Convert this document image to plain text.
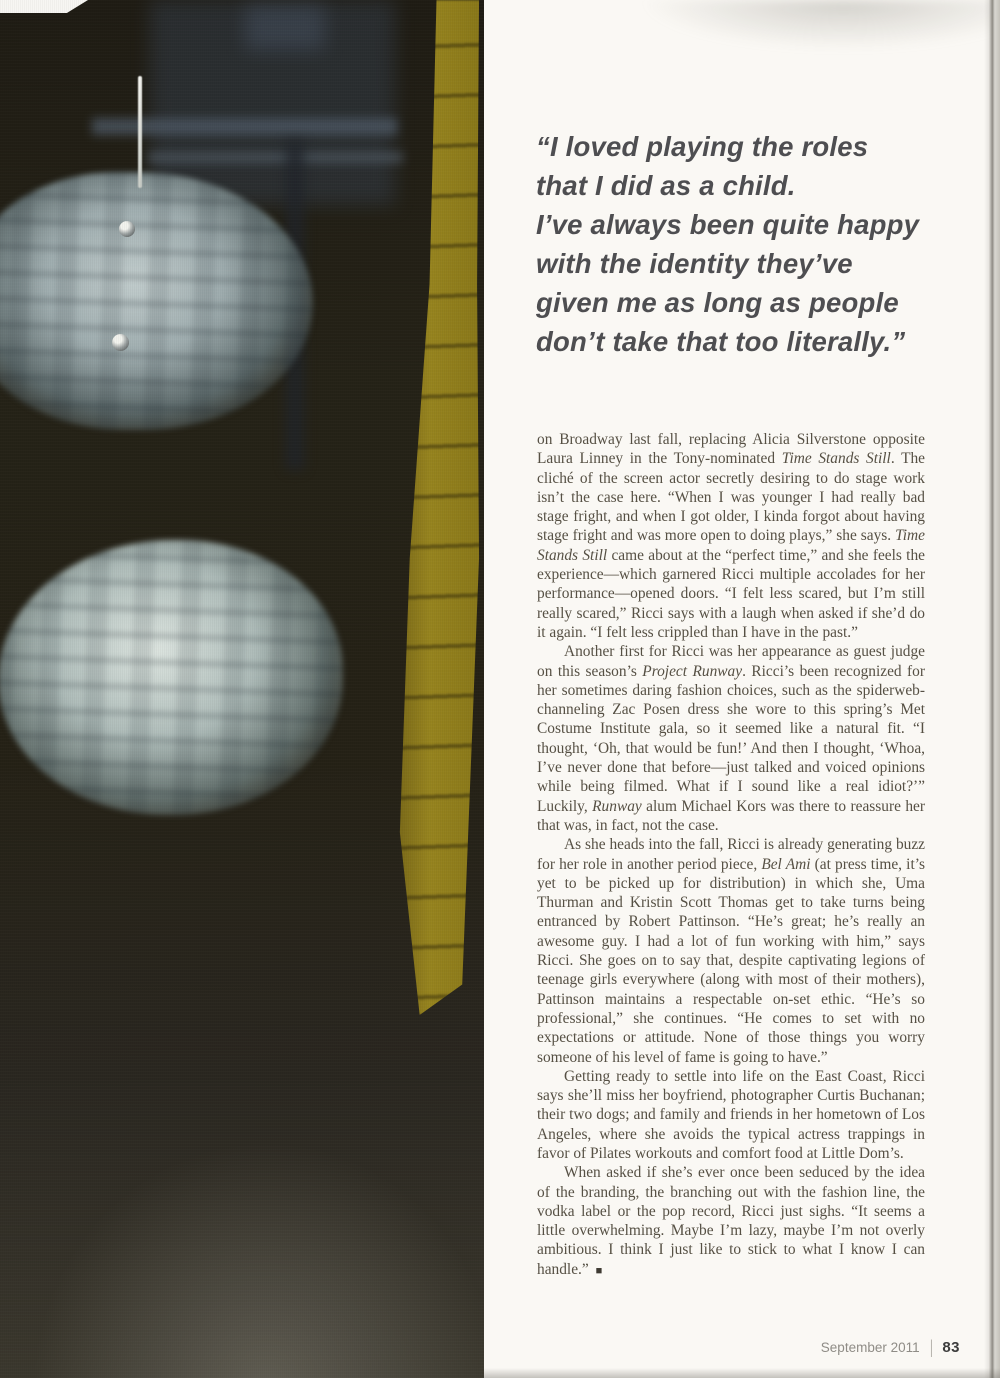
“I loved playing the roles
that I did as a child.
I’ve always been quite happy
with the identity they’ve
given me as long as people
don’t take that too literally.”

on Broadway last fall, replacing Alicia Silverstone opposite Laura Linney in the Tony-nominated Time Stands Still. The cliché of the screen actor secretly desiring to do stage work isn’t the case here. “When I was younger I had really bad stage fright, and when I got older, I kinda forgot about having stage fright and was more open to doing plays,” she says. Time Stands Still came about at the “perfect time,” and she feels the experience—which garnered Ricci multiple accolades for her performance—opened doors. “I felt less scared, but I’m still really scared,” Ricci says with a laugh when asked if she’d do it again. “I felt less crippled than I have in the past.”

Another first for Ricci was her appearance as guest judge on this season’s Project Runway. Ricci’s been recognized for her sometimes daring fashion choices, such as the spiderweb-channeling Zac Posen dress she wore to this spring’s Met Costume Institute gala, so it seemed like a natural fit. “I thought, ‘Oh, that would be fun!’ And then I thought, ‘Whoa, I’ve never done that before—just talked and voiced opinions while being filmed. What if I sound like a real idiot?’” Luckily, Runway alum Michael Kors was there to reassure her that was, in fact, not the case.

As she heads into the fall, Ricci is already generating buzz for her role in another period piece, Bel Ami (at press time, it’s yet to be picked up for distribution) in which she, Uma Thurman and Kristin Scott Thomas get to take turns being entranced by Robert Pattinson. “He’s great; he’s really an awesome guy. I had a lot of fun working with him,” says Ricci. She goes on to say that, despite captivating legions of teenage girls everywhere (along with most of their mothers), Pattinson maintains a respectable on-set ethic. “He’s so professional,” she continues. “He comes to set with no expectations or attitude. None of those things you worry someone of his level of fame is going to have.”

Getting ready to settle into life on the East Coast, Ricci says she’ll miss her boyfriend, photographer Curtis Buchanan; their two dogs; and family and friends in her hometown of Los Angeles, where she avoids the typical actress trappings in favor of Pilates workouts and comfort food at Little Dom’s.

When asked if she’s ever once been seduced by the idea of the branding, the branching out with the fashion line, the vodka label or the pop record, Ricci just sighs. “It seems a little overwhelming. Maybe I’m lazy, maybe I’m not overly ambitious. I think I just like to stick to what I know I can handle.” ■

September 2011 | 83
